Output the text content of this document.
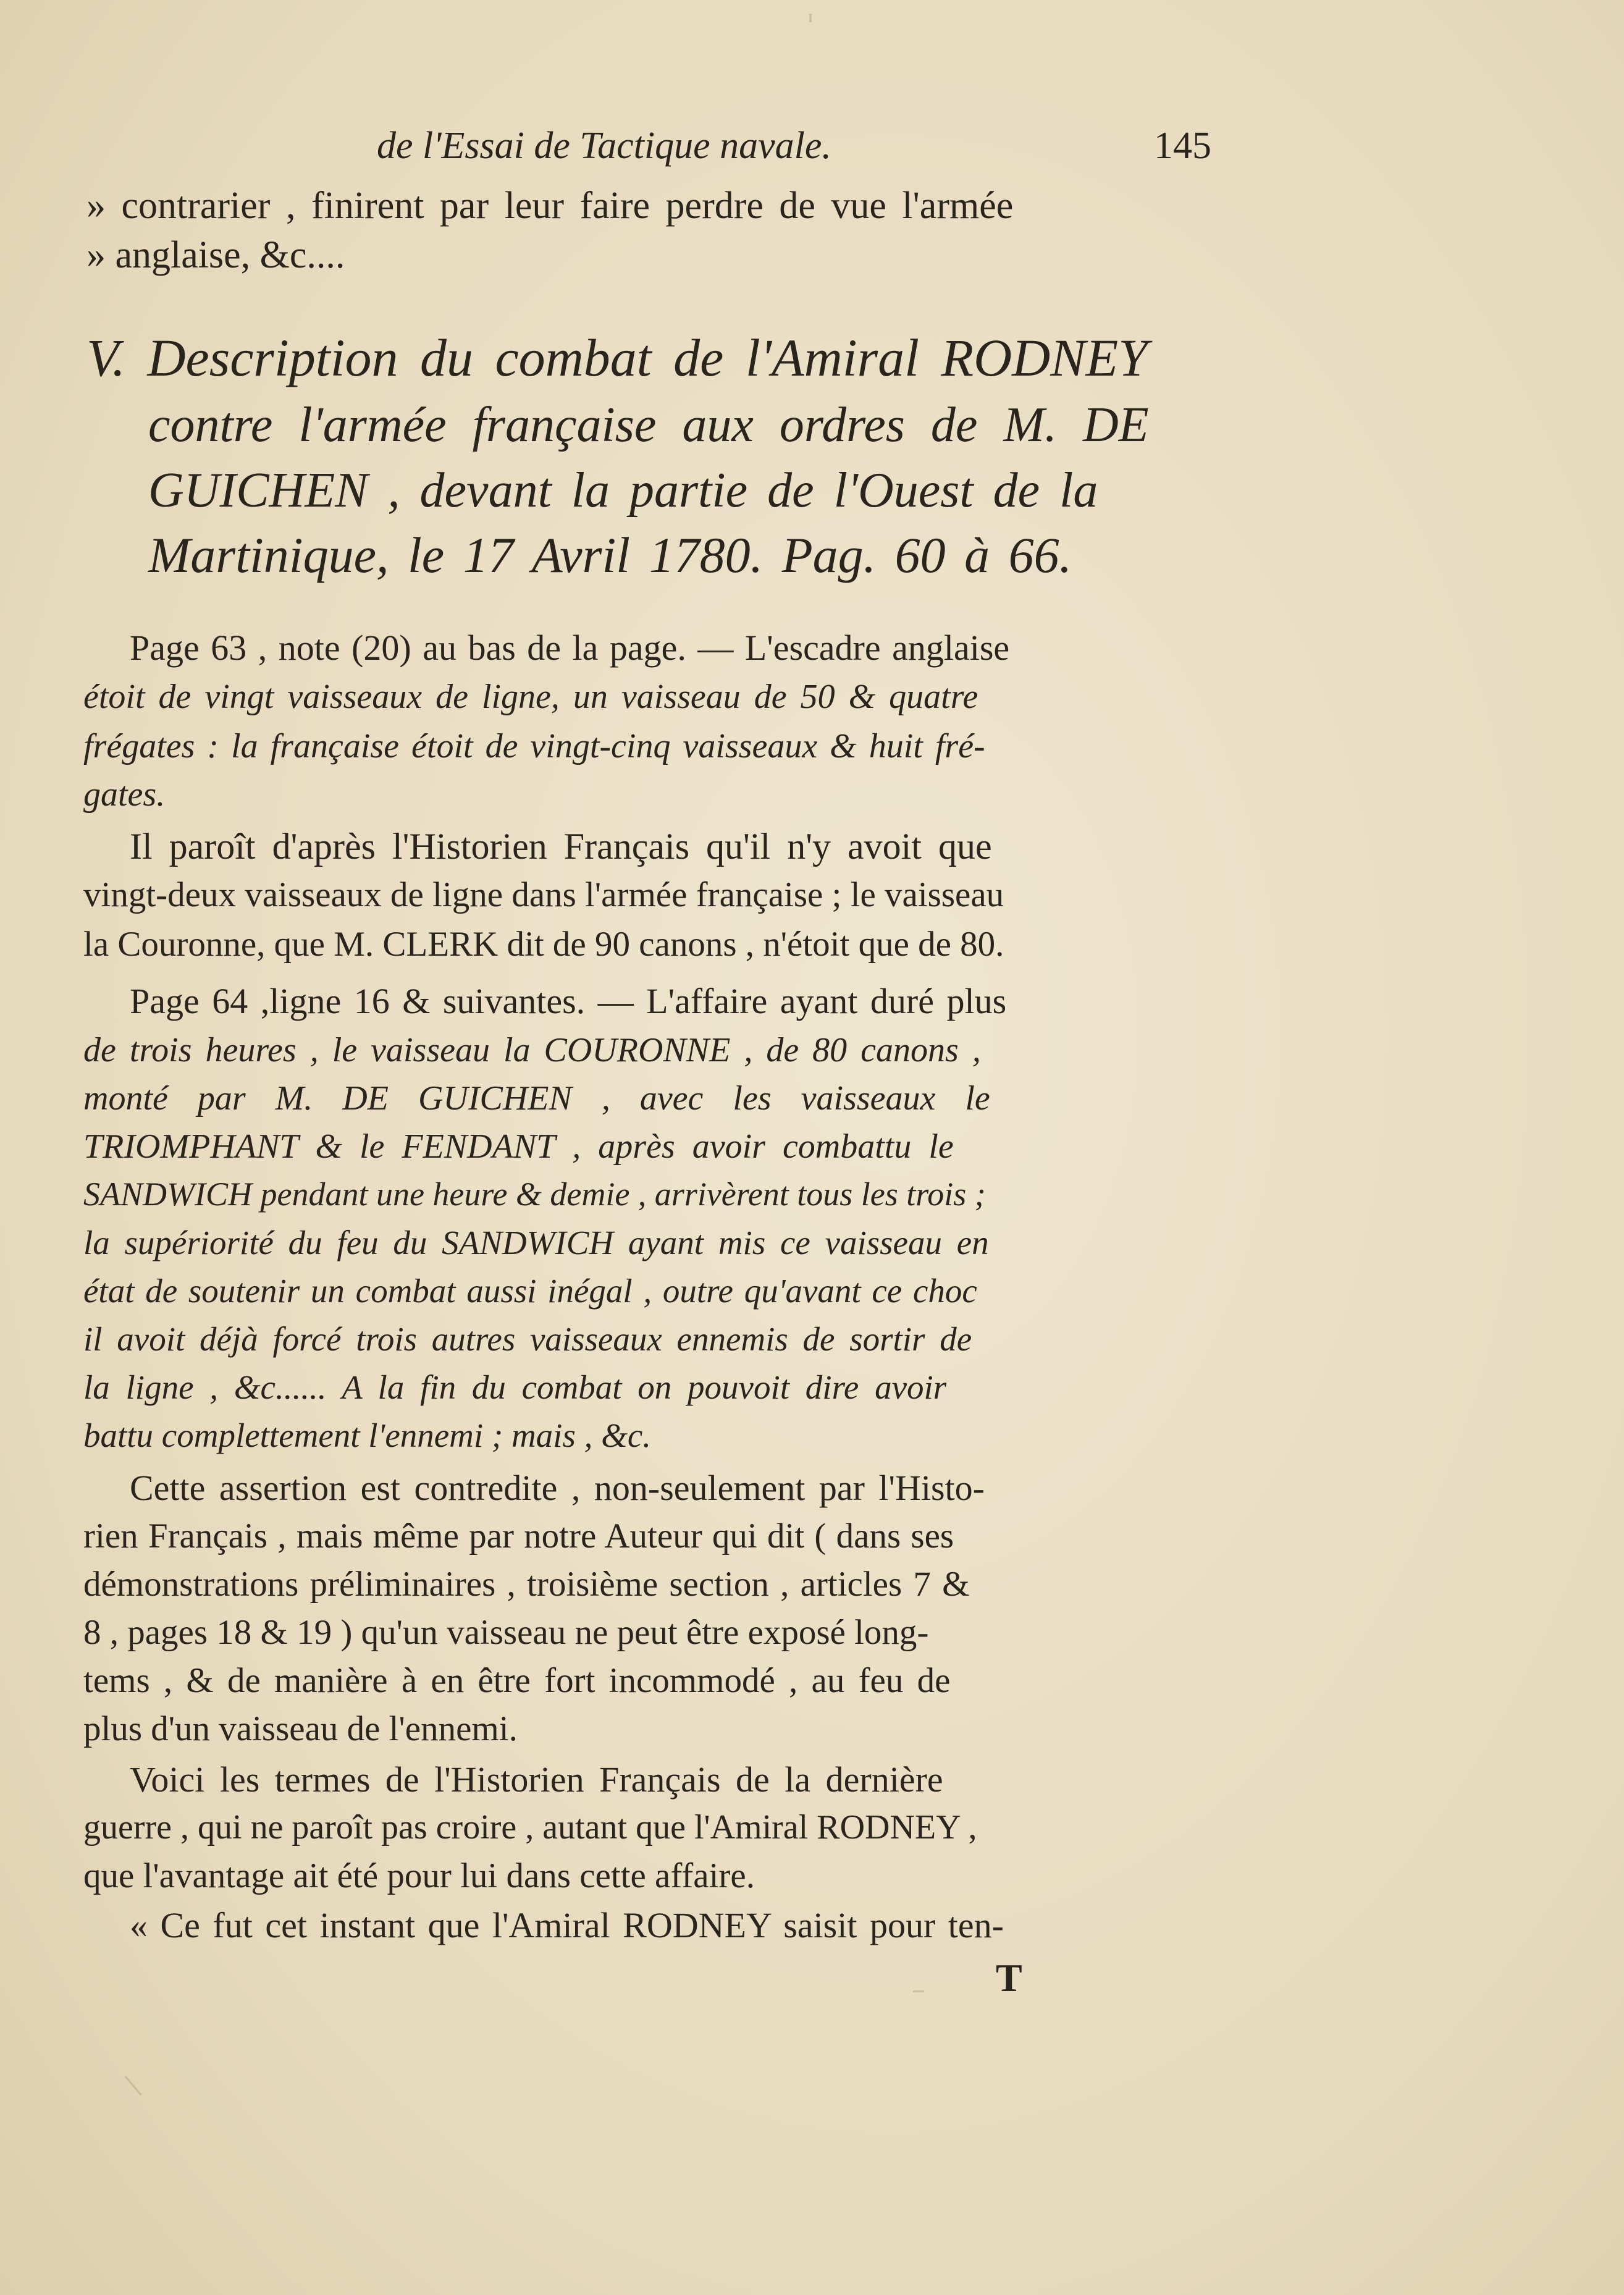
de l'Essai de Tactique navale.	145
» contrarier , finirent par leur faire perdre de vue l'armée
» anglaise, &c....
V. Description du combat de l'Amiral RODNEY
contre l'armée française aux ordres de M. DE
GUICHEN , devant la partie de l'Ouest de la
Martinique, le 17 Avril 1780. Pag. 60 à 66.
Page 63 , note (20) au bas de la page. — L'escadre anglaise
étoit de vingt vaisseaux de ligne, un vaisseau de 50 & quatre
frégates : la française étoit de vingt-cinq vaisseaux & huit fré-
gates.
Il paroît d'après l'Historien Français qu'il n'y avoit que
vingt-deux vaisseaux de ligne dans l'armée française ; le vaisseau
la Couronne, que M. CLERK dit de 90 canons , n'étoit que de 80.
Page 64 ,ligne 16 & suivantes. — L'affaire ayant duré plus
de trois heures , le vaisseau la COURONNE , de 80 canons ,
monté par M. DE GUICHEN , avec les vaisseaux le
TRIOMPHANT & le FENDANT , après avoir combattu le
SANDWICH pendant une heure & demie , arrivèrent tous les trois ;
la supériorité du feu du SANDWICH ayant mis ce vaisseau en
état de soutenir un combat aussi inégal , outre qu'avant ce choc
il avoit déjà forcé trois autres vaisseaux ennemis de sortir de
la ligne , &c...... A la fin du combat on pouvoit dire avoir
battu complettement l'ennemi ; mais , &c.
Cette assertion est contredite , non-seulement par l'Histo-
rien Français , mais même par notre Auteur qui dit ( dans ses
démonstrations préliminaires , troisième section , articles 7 &
8 , pages 18 & 19 ) qu'un vaisseau ne peut être exposé long-
tems , & de manière à en être fort incommodé , au feu de
plus d'un vaisseau de l'ennemi.
Voici les termes de l'Historien Français de la dernière
guerre , qui ne paroît pas croire , autant que l'Amiral RODNEY ,
que l'avantage ait été pour lui dans cette affaire.
« Ce fut cet instant que l'Amiral RODNEY saisit pour ten-
T
